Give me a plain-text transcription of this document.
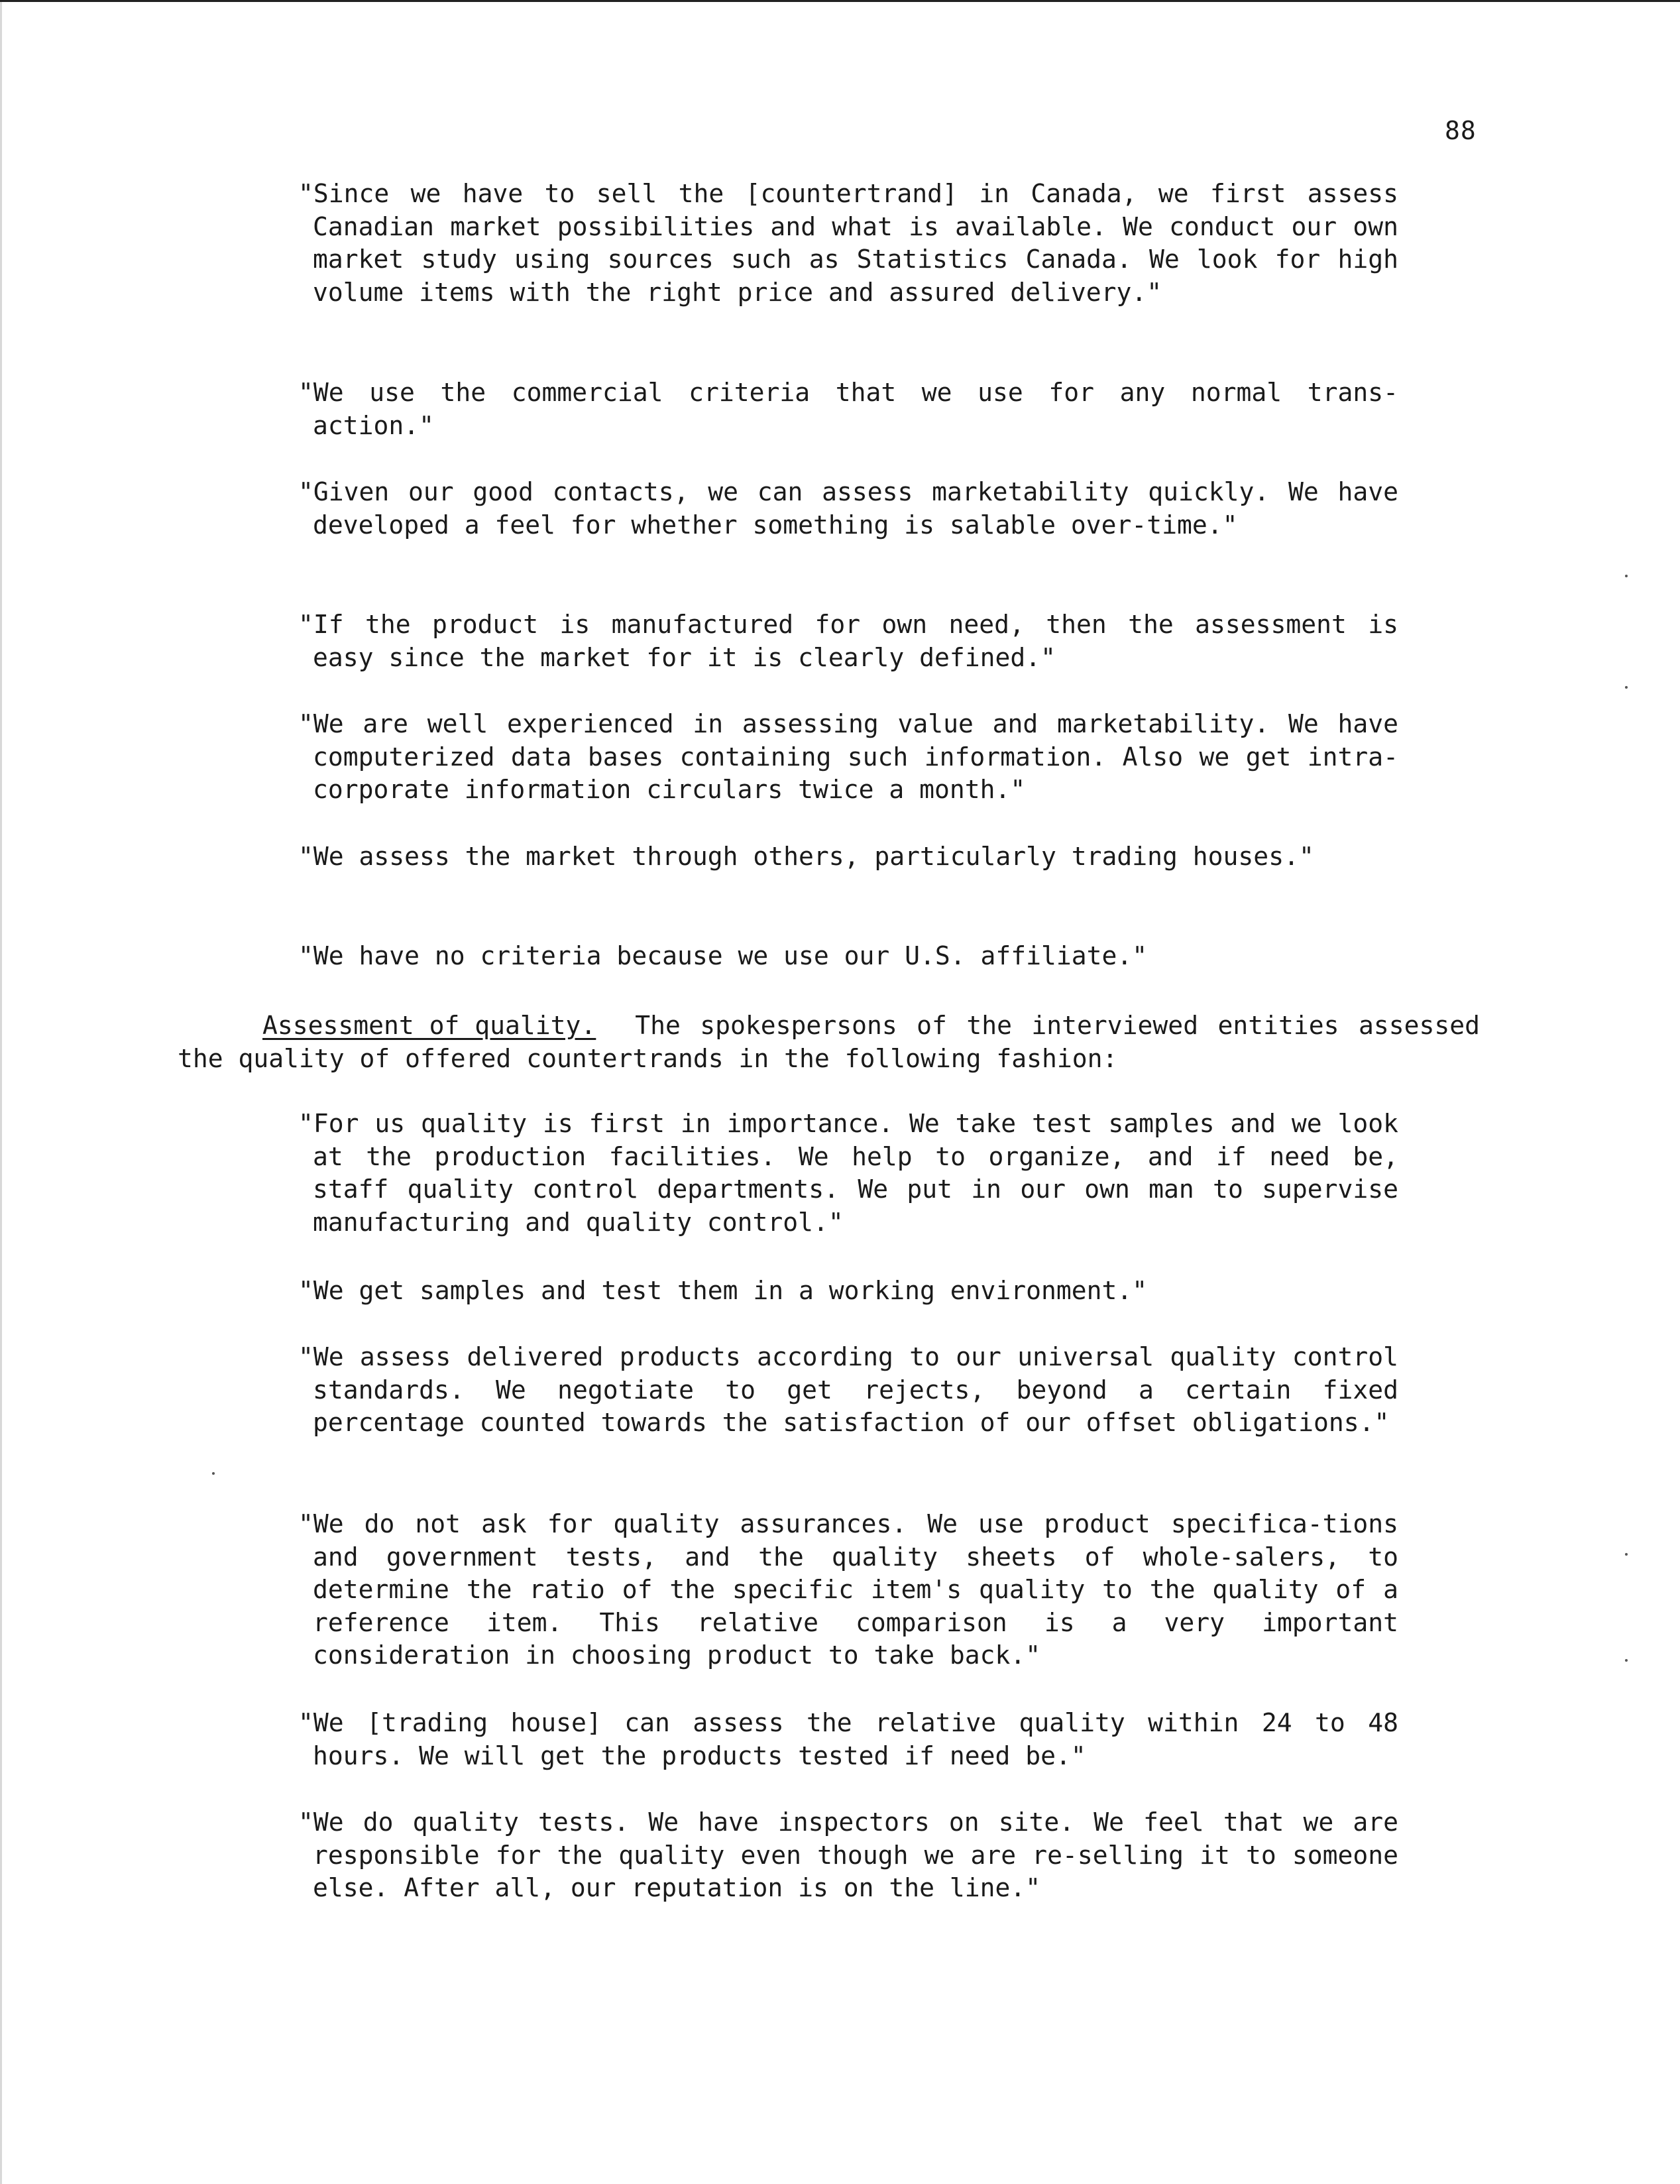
88

"Since we have to sell the [countertrand] in Canada, we first assess Canadian market possibilities and what is available. We conduct our own market study using sources such as Statistics Canada. We look for high volume items with the right price and assured delivery."

"We use the commercial criteria that we use for any normal trans-action."

"Given our good contacts, we can assess marketability quickly. We have developed a feel for whether something is salable over-time."

"If the product is manufactured for own need, then the assessment is easy since the market for it is clearly defined."

"We are well experienced in assessing value and marketability. We have computerized data bases containing such information. Also we get intra-corporate information circulars twice a month."

"We assess the market through others, particularly trading houses."

"We have no criteria because we use our U.S. affiliate."

Assessment of quality. The spokespersons of the interviewed entities assessed the quality of offered countertrands in the following fashion:

"For us quality is first in importance. We take test samples and we look at the production facilities. We help to organize, and if need be, staff quality control departments. We put in our own man to supervise manufacturing and quality control."

"We get samples and test them in a working environment."

"We assess delivered products according to our universal quality control standards. We negotiate to get rejects, beyond a certain fixed percentage counted towards the satisfaction of our offset obligations."

"We do not ask for quality assurances. We use product specifica-tions and government tests, and the quality sheets of whole-salers, to determine the ratio of the specific item's quality to the quality of a reference item. This relative comparison is a very important consideration in choosing product to take back."

"We [trading house] can assess the relative quality within 24 to 48 hours. We will get the products tested if need be."

"We do quality tests. We have inspectors on site. We feel that we are responsible for the quality even though we are re-selling it to someone else. After all, our reputation is on the line."
